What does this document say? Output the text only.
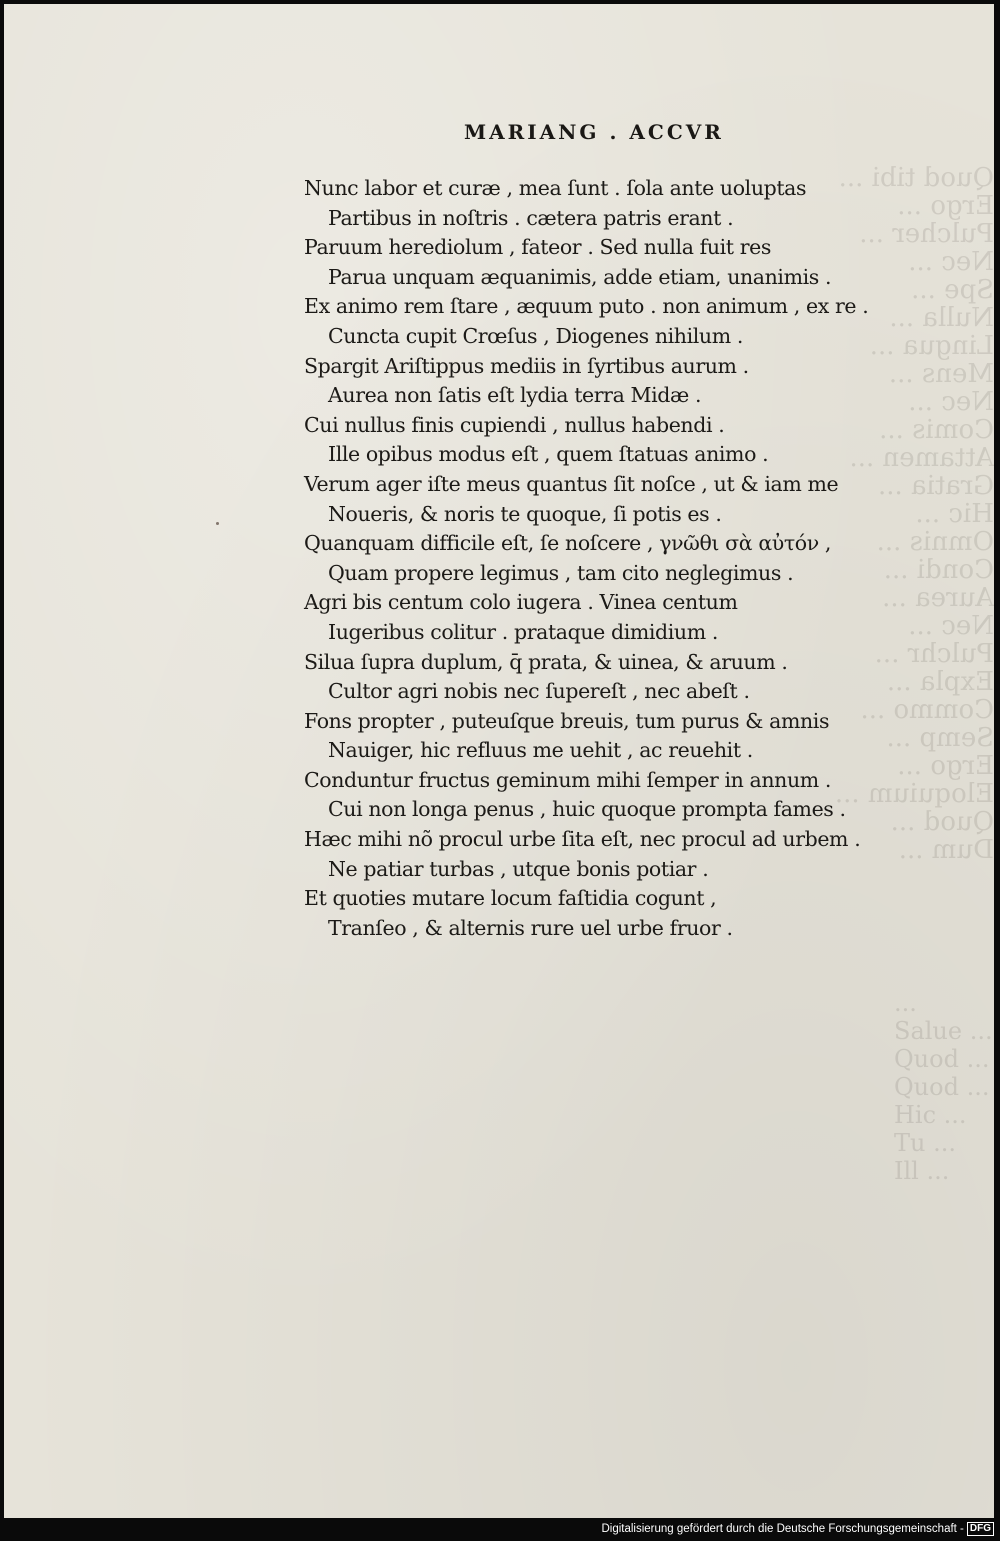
Quod tibi ...
Ergo ...
Pulcher ...
Nec ...
Spe ...
Nulla ...
Lingua ...
Mens ...
Nec ...
Comis ...
Attamen ...
Gratia ...
Hic ...
Omnis ...
Condi ...
Aurea ...
Nec ...
Pulchr ...
Expla ...
Commo ...
Semp ...
Ergo ...
Eloquium ...
Quod ...
Dum ...
...
Salue ...
Quod ...
Quod ...
Hic ...
Tu ...
Ill ...
MARIANG . ACCVR
Nunc labor et curæ , mea ſunt . ſola ante uoluptas
Partibus in noſtris . cætera patris erant .
Paruum herediolum , fateor . Sed nulla fuit res
Parua unquam æquanimis, adde etiam, unanimis .
Ex animo rem ſtare , æquum puto . non animum , ex re .
Cuncta cupit Crœſus , Diogenes nihilum .
Spargit Ariſtippus mediis in ſyrtibus aurum .
Aurea non ſatis eſt lydia terra Midæ .
Cui nullus finis cupiendi , nullus habendi .
Ille opibus modus eſt , quem ſtatuas animo .
Verum ager iſte meus quantus ſit noſce , ut & iam me
Noueris, & noris te quoque, ſi potis es .
Quanquam difficile eſt, ſe noſcere , γνῶθι σὰ αὐτόν ,
Quam propere legimus , tam cito neglegimus .
Agri bis centum colo iugera . Vinea centum
Iugeribus colitur . prataque dimidium .
Silua ſupra duplum, q̄ prata, & uinea, & aruum .
Cultor agri nobis nec ſupereſt , nec abeſt .
Fons propter , puteuſque breuis, tum purus & amnis
Nauiger, hic refluus me uehit , ac reuehit .
Conduntur fructus geminum mihi ſemper in annum .
Cui non longa penus , huic quoque prompta fames .
Hæc mihi nõ procul urbe ſita eſt, nec procul ad urbem .
Ne patiar turbas , utque bonis potiar .
Et quoties mutare locum faſtidia cogunt ,
Tranſeo , & alternis rure uel urbe fruor .
Digitalisierung gefördert durch die Deutsche Forschungsgemeinschaft - DFG
